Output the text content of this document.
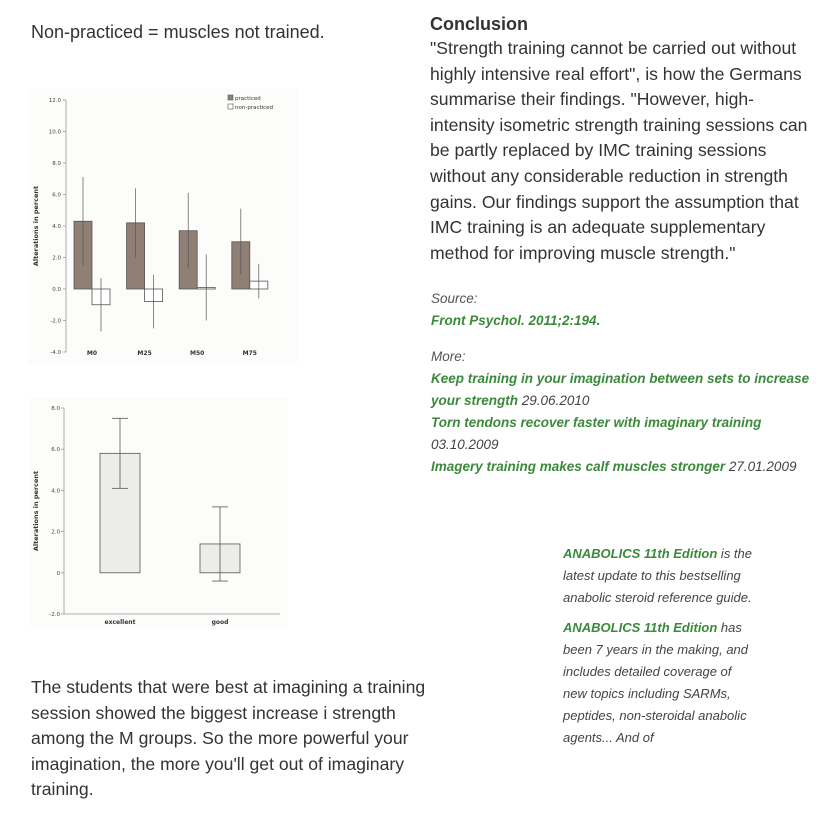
Non-practiced = muscles not trained.
12.0
10.0
8.0
6.0
4.0
2.0
0.0
-2.0
-4.0
Alterations in percent
M0	M25	M50	M75
practiced
non-practiced
8.0
6.0
4.0
2.0
0
-2.0
Alterations in percent
excellent	good
Conclusion

"Strength training cannot be carried out without highly intensive real effort", is how the Germans summarise their findings. "However, high-intensity isometric strength training sessions can be partly replaced by IMC training sessions without any considerable reduction in strength gains. Our findings support the assumption that IMC training is an adequate supplementary method for improving muscle strength."

Source:
Front Psychol. 2011;2:194.
More:
Keep training in your imagination between sets to increase your strength 29.06.2010
Torn tendons recover faster with imaginary training 03.10.2009
Imagery training makes calf muscles stronger 27.01.2009
ANABOLICS 11th Edition is the latest update to this bestselling anabolic steroid reference guide.
ANABOLICS 11th Edition has been 7 years in the making, and includes detailed coverage of new topics including SARMs, peptides, non-steroidal anabolic agents... And of
The students that were best at imagining a training session showed the biggest increase i strength among the M groups. So the more powerful your imagination, the more you'll get out of imaginary training.
